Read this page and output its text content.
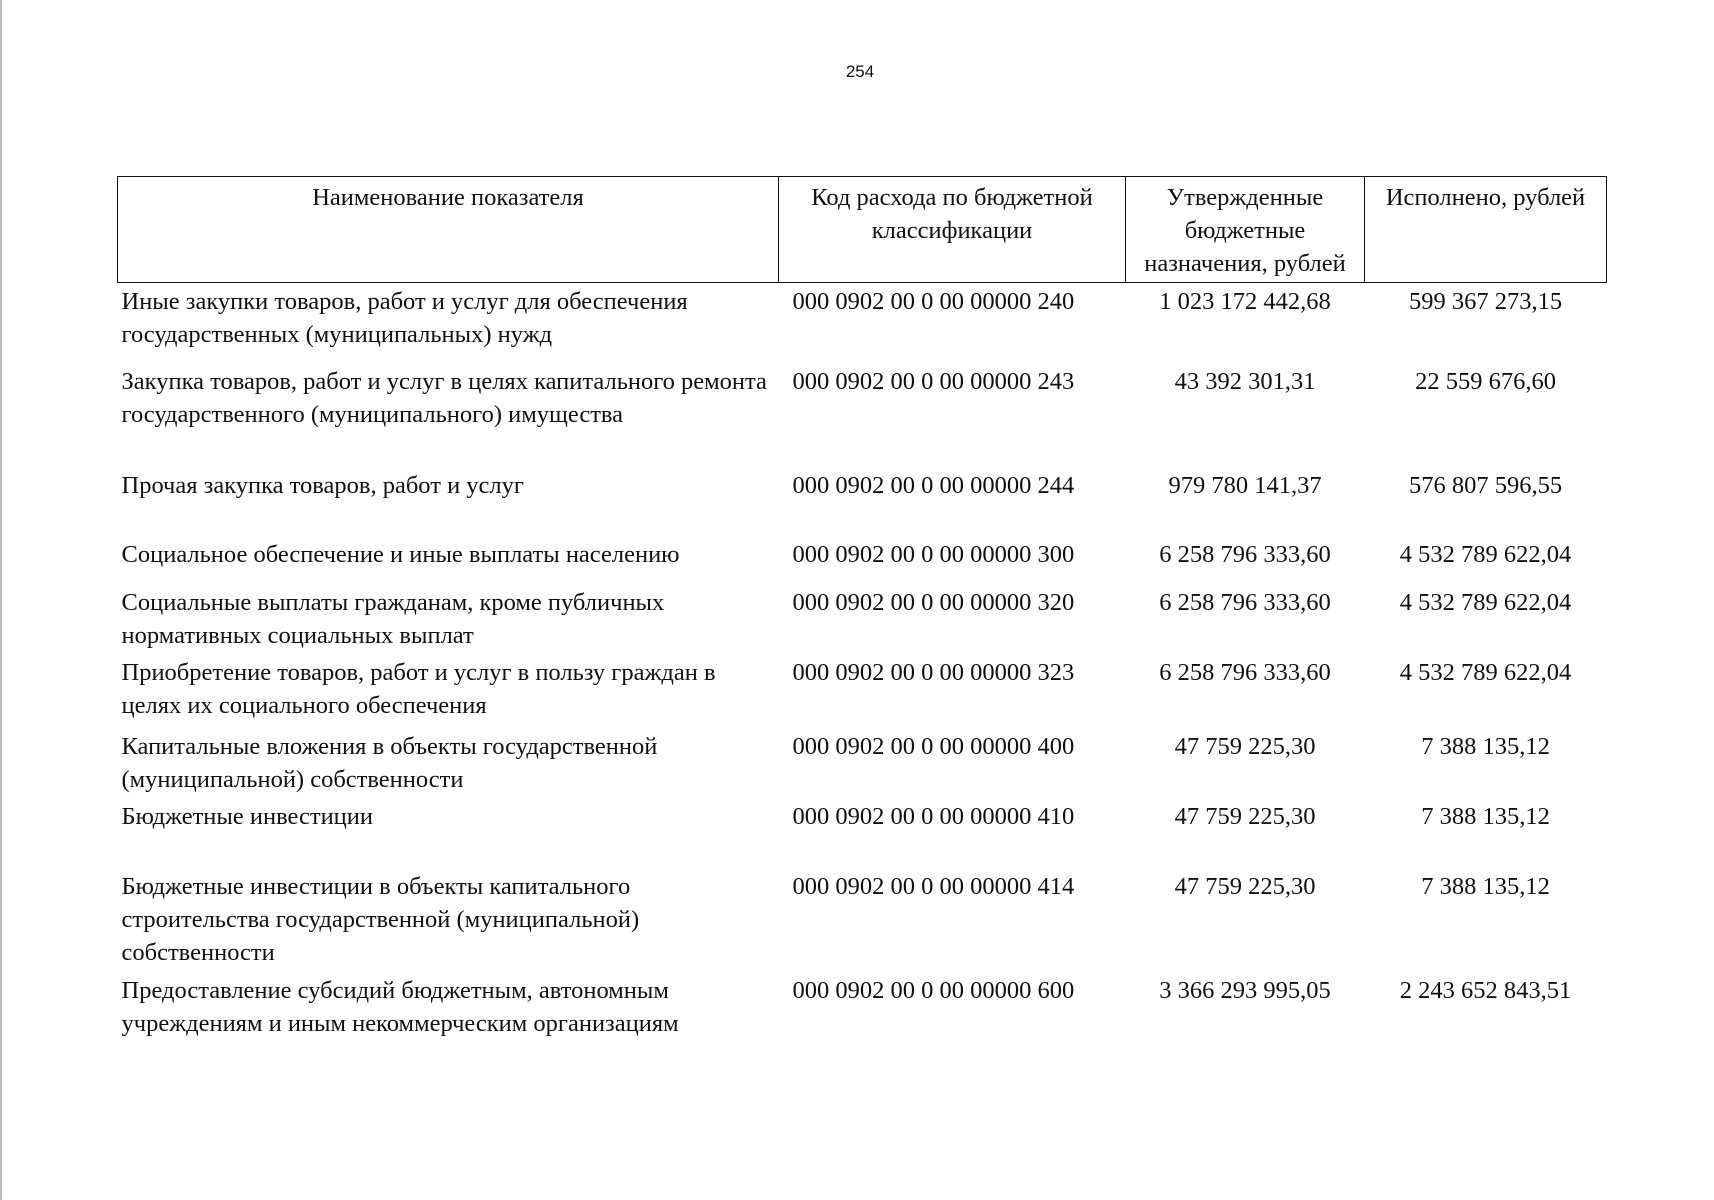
254
Наименование показателя	Код расхода по бюджетной классификации	Утвержденные бюджетные назначения, рублей	Исполнено, рублей
Иные закупки товаров, работ и услуг для обеспечения государственных (муниципальных) нужд	000 0902 00 0 00 00000 240	1 023 172 442,68	599 367 273,15
Закупка товаров, работ и услуг в целях капитального ремонта государственного (муниципального) имущества	000 0902 00 0 00 00000 243	43 392 301,31	22 559 676,60
Прочая закупка товаров, работ и услуг	000 0902 00 0 00 00000 244	979 780 141,37	576 807 596,55
Социальное обеспечение и иные выплаты населению	000 0902 00 0 00 00000 300	6 258 796 333,60	4 532 789 622,04
Социальные выплаты гражданам, кроме публичных нормативных социальных выплат	000 0902 00 0 00 00000 320	6 258 796 333,60	4 532 789 622,04
Приобретение товаров, работ и услуг в пользу граждан в целях их социального обеспечения	000 0902 00 0 00 00000 323	6 258 796 333,60	4 532 789 622,04
Капитальные вложения в объекты государственной (муниципальной) собственности	000 0902 00 0 00 00000 400	47 759 225,30	7 388 135,12
Бюджетные инвестиции	000 0902 00 0 00 00000 410	47 759 225,30	7 388 135,12
Бюджетные инвестиции в объекты капитального строительства государственной (муниципальной) собственности	000 0902 00 0 00 00000 414	47 759 225,30	7 388 135,12
Предоставление субсидий бюджетным, автономным учреждениям и иным некоммерческим организациям	000 0902 00 0 00 00000 600	3 366 293 995,05	2 243 652 843,51
